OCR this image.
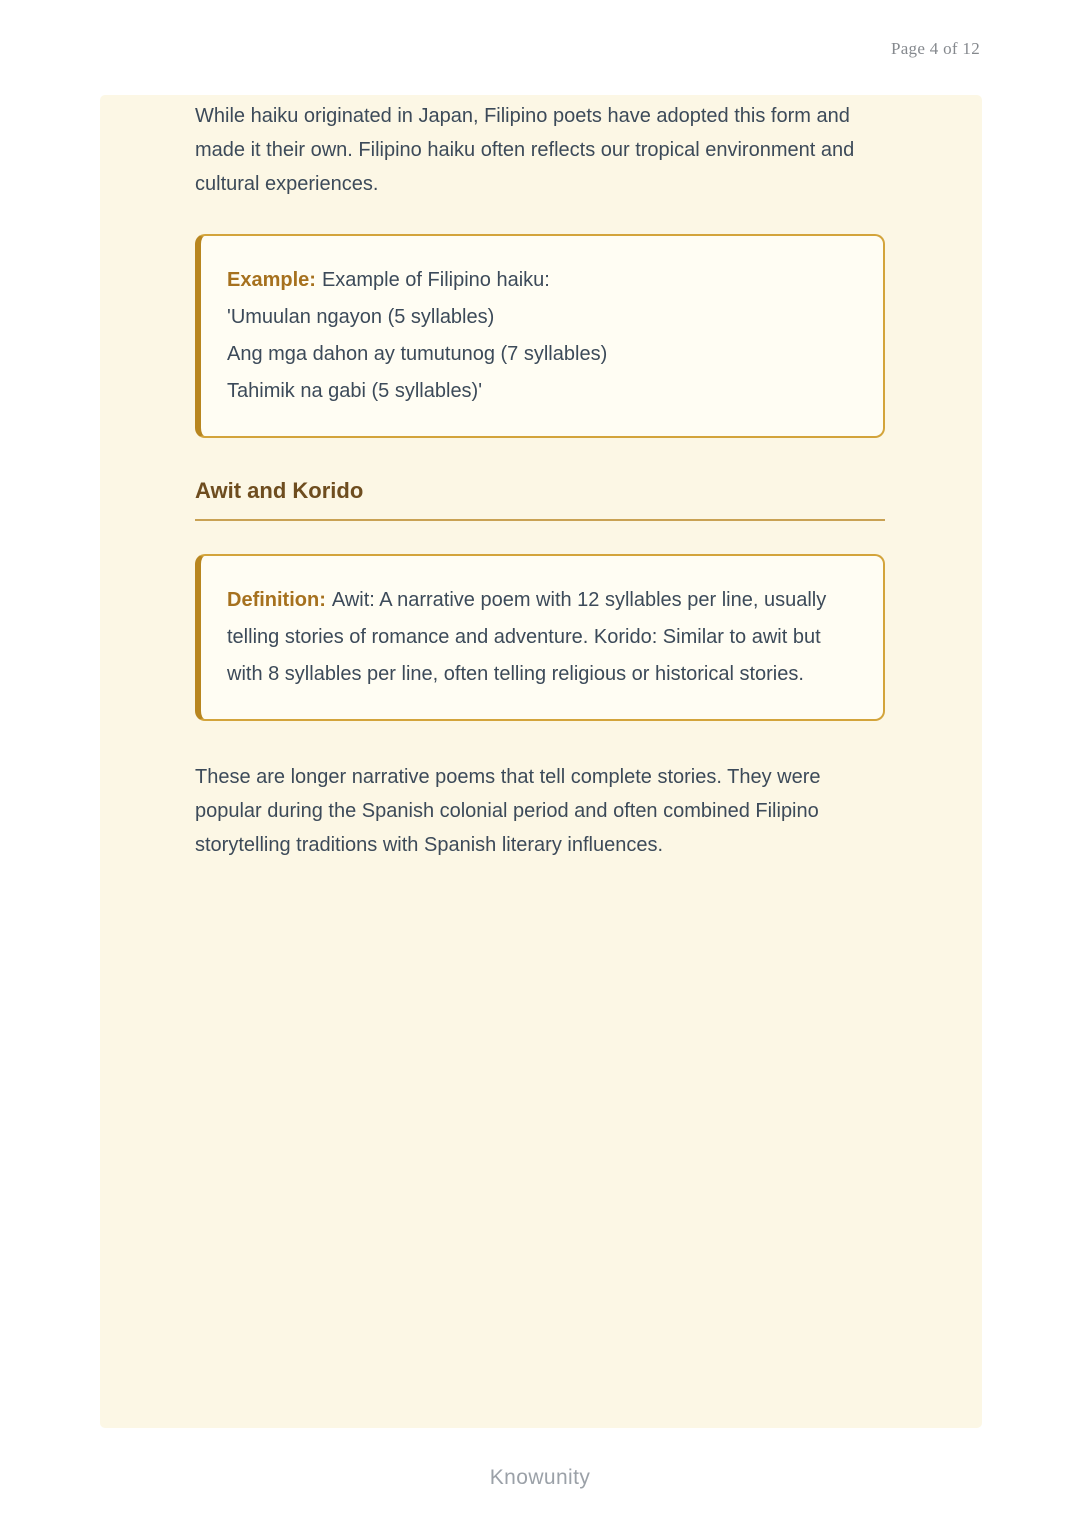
Page 4 of 12

While haiku originated in Japan, Filipino poets have adopted this form and made it their own. Filipino haiku often reflects our tropical environment and cultural experiences.

Example: Example of Filipino haiku:
'Umuulan ngayon (5 syllables)
Ang mga dahon ay tumutunog (7 syllables)
Tahimik na gabi (5 syllables)'
Awit and Korido
Definition: Awit: A narrative poem with 12 syllables per line, usually telling stories of romance and adventure. Korido: Similar to awit but with 8 syllables per line, often telling religious or historical stories.

These are longer narrative poems that tell complete stories. They were popular during the Spanish colonial period and often combined Filipino storytelling traditions with Spanish literary influences.

Knowunity
